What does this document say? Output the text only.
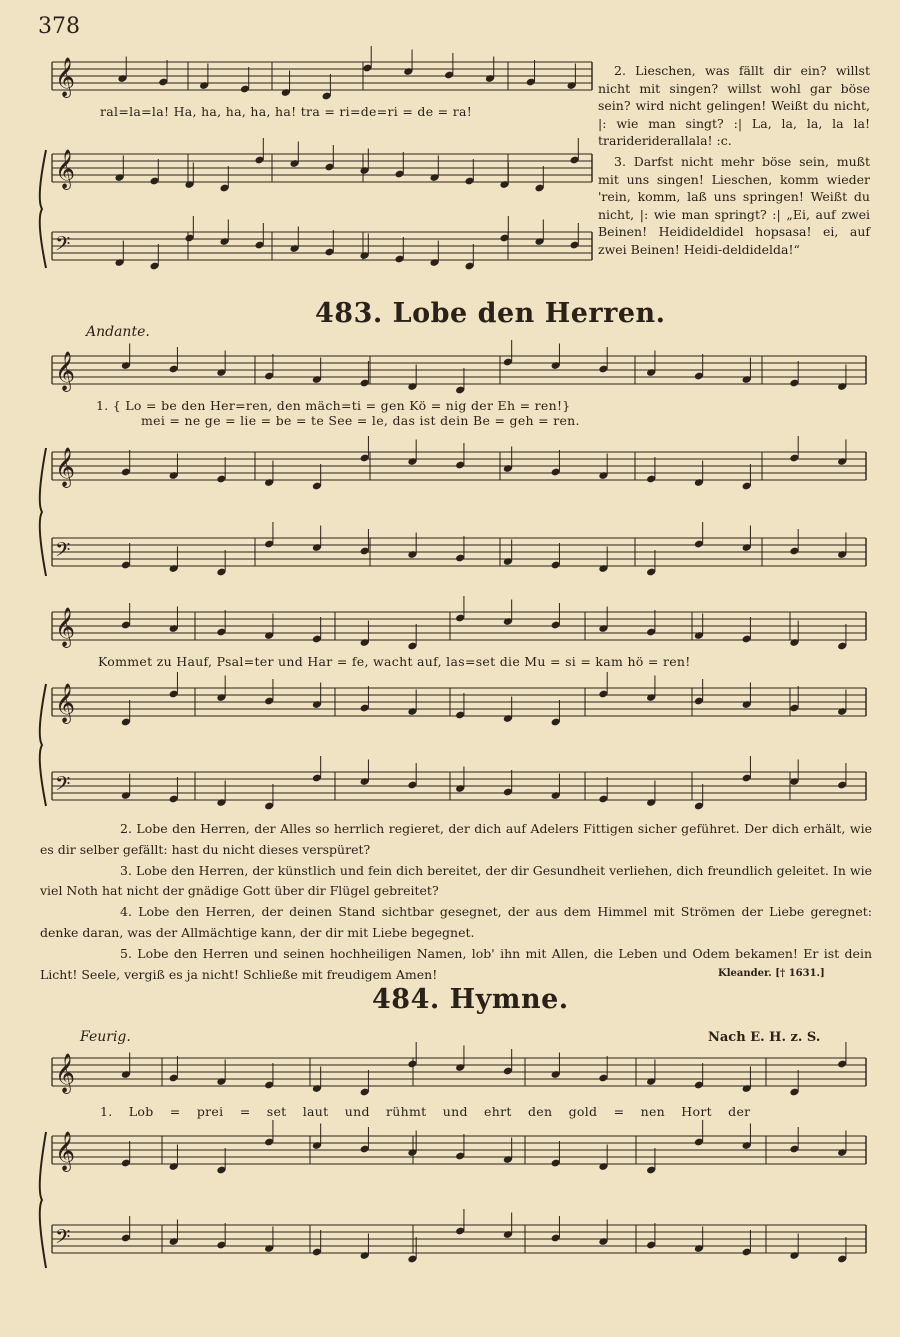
378
𝄞
𝄞
𝄢
𝄞
𝄞
𝄢
𝄞
𝄞
𝄢
𝄞
𝄞
𝄢
ral=la=la! Ha, ha, ha, ha, ha! tra = ri=de=ri = de = ra!

2. Lieschen, was fällt dir ein? willst nicht mit singen? willst wohl gar böse sein? wird nicht gelingen! Weißt du nicht, |: wie man singt? :| La, la, la, la la! trarideriderallala! :c.

3. Darfst nicht mehr böse sein, mußt mit uns singen! Lieschen, komm wieder 'rein, komm, laß uns springen! Weißt du nicht, |: wie man springt? :| „Ei, auf zwei Beinen! Heidideldidel hopsasa! ei, auf zwei Beinen! Heidi-deldidelda!“

483. Lobe den Herren.
Andante.
1. { Lo = be den Her=ren, den mäch=ti = gen Kö = nig der Eh = ren!}
mei = ne ge = lie = be = te See = le, das ist dein Be = geh = ren.
Kommet zu Hauf, Psal=ter und Har = fe, wacht auf, las=set die Mu = si = kam hö = ren!

2. Lobe den Herren, der Alles so herrlich regieret, der dich auf Adelers Fittigen sicher geführet. Der dich erhält, wie es dir selber gefällt: hast du nicht dieses verspüret?

3. Lobe den Herren, der künstlich und fein dich bereitet, der dir Gesundheit verliehen, dich freundlich geleitet. In wie viel Noth hat nicht der gnädige Gott über dir Flügel gebreitet?

4. Lobe den Herren, der deinen Stand sichtbar gesegnet, der aus dem Himmel mit Strömen der Liebe geregnet: denke daran, was der Allmächtige kann, der dir mit Liebe begegnet.

5. Lobe den Herren und seinen hochheiligen Namen, lob' ihn mit Allen, die Leben und Odem bekamen! Er ist dein Licht! Seele, vergiß es ja nicht! Schließe mit freudigem Amen!	Kleander. [† 1631.]
484. Hymne.
Feurig.	Nach E. H. z. S.
1. Lob = prei = set laut und rühmt und ehrt den gold = nen Hort der
